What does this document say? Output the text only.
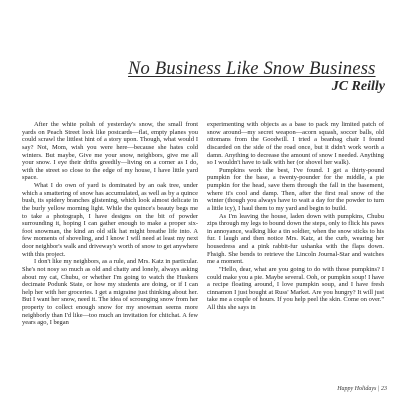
No Business Like Snow Business
JC Reilly

After the white polish of yesterday's snow, the small front yards on Peach Street look like postcards—flat, empty planes you could scrawl the littlest hint of a story upon. Though, what would I say? Not, Mom, wish you were here—because she hates cold winters. But maybe, Give me your snow, neighbors, give me all your snow. I eye their drifts greedily—living on a corner as I do, with the street so close to the edge of my house, I have little yard space.

What I do own of yard is dominated by an oak tree, under which a smattering of snow has accumulated, as well as by a quince bush, its spidery branches glistening, which look almost delicate in the burly yellow morning light. While the quince's beauty begs me to take a photograph, I have designs on the bit of powder surrounding it, hoping I can gather enough to make a proper six-foot snowman, the kind an old silk hat might breathe life into. A few moments of shoveling, and I know I will need at least my next door neighbor's walk and driveway's worth of snow to get anywhere with this project.

I don't like my neighbors, as a rule, and Mrs. Katz in particular. She's not nosy so much as old and chatty and lonely, always asking about my cat, Chubu, or whether I'm going to watch the Huskers decimate Podunk State, or how my students are doing, or if I can help her with her groceries. I get a migraine just thinking about her. But I want her snow, need it. The idea of scrounging snow from her property to collect enough snow for my snowman seems more neighborly than I'd like—too much an invitation for chitchat. A few years ago, I began

experimenting with objects as a base to pack my limited patch of snow around—my secret weapon—acorn squash, soccer balls, old ottomans from the Goodwill. I tried a beanbag chair I found discarded on the side of the road once, but it didn't work worth a damn. Anything to decrease the amount of snow I needed. Anything so I wouldn't have to talk with her (or shovel her walk).

Pumpkins work the best, I've found. I get a thirty-pound pumpkin for the base, a twenty-pounder for the middle, a pie pumpkin for the head, save them through the fall in the basement, where it's cool and damp. Then, after the first real snow of the winter (though you always have to wait a day for the powder to turn a little icy), I haul them to my yard and begin to build.

As I'm leaving the house, laden down with pumpkins, Chubu zips through my legs to bound down the steps, only to flick his paws in annoyance, walking like a tin soldier, when the snow sticks to his fur. I laugh and then notice Mrs. Katz, at the curb, wearing her housedress and a pink rabbit-fur ushanka with the flaps down. Fhsigh. She bends to retrieve the Lincoln Journal-Star and watches me a moment.

"Hello, dear, what are you going to do with those pumpkins? I could make you a pie. Maybe several. Ooh, or pumpkin soup! I have a recipe floating around, I love pumpkin soup, and I have fresh cinnamon I just bought at Russ' Market. Are you hungry? It will just take me a couple of hours. If you help peel the skin. Come on over." All this she says in

Happy Holidays | 23
